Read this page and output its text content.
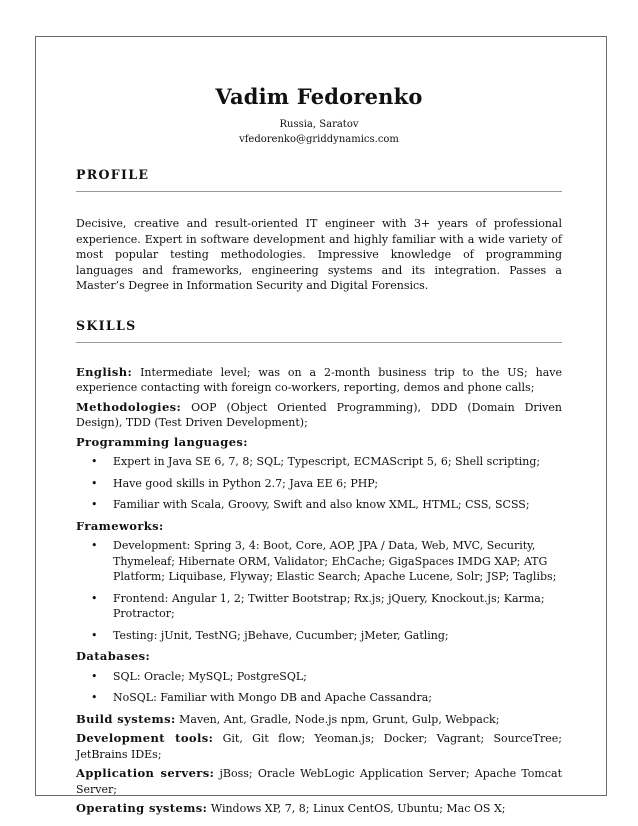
Vadim Fedorenko
Russia, Saratov
vfedorenko@griddynamics.com
PROFILE
Decisive, creative and result-oriented IT engineer with 3+ years of professional experience. Expert in software development and highly familiar with a wide variety of most popular testing methodologies. Impressive knowledge of programming languages and frameworks, engineering systems and its integration. Passes a Master’s Degree in Information Security and Digital Forensics.
SKILLS
English: Intermediate level; was on a 2-month business trip to the US; have experience contacting with foreign co-workers, reporting, demos and phone calls;
Methodologies: OOP (Object Oriented Programming), DDD (Domain Driven Design), TDD (Test Driven Development);
Programming languages:
• Expert in Java SE 6, 7, 8; SQL; Typescript, ECMAScript 5, 6; Shell scripting;
• Have good skills in Python 2.7; Java EE 6; PHP;
• Familiar with Scala, Groovy, Swift and also know XML, HTML; CSS, SCSS;
Frameworks:
• Development: Spring 3, 4: Boot, Core, AOP, JPA / Data, Web, MVC, Security, Thymeleaf; Hibernate ORM, Validator; EhCache; GigaSpaces IMDG XAP; ATG Platform; Liquibase, Flyway; Elastic Search; Apache Lucene, Solr; JSP; Taglibs;
• Frontend: Angular 1, 2; Twitter Bootstrap; Rx.js; jQuery, Knockout.js; Karma; Protractor;
• Testing: jUnit, TestNG; jBehave, Cucumber; jMeter, Gatling;
Databases:
• SQL: Oracle; MySQL; PostgreSQL;
• NoSQL: Familiar with Mongo DB and Apache Cassandra;
Build systems: Maven, Ant, Gradle, Node.js npm, Grunt, Gulp, Webpack;
Development tools: Git, Git flow; Yeoman.js; Docker; Vagrant; SourceTree; JetBrains IDEs;
Application servers: jBoss; Oracle WebLogic Application Server; Apache Tomcat Server;
Operating systems: Windows XP, 7, 8; Linux CentOS, Ubuntu; Mac OS X;
